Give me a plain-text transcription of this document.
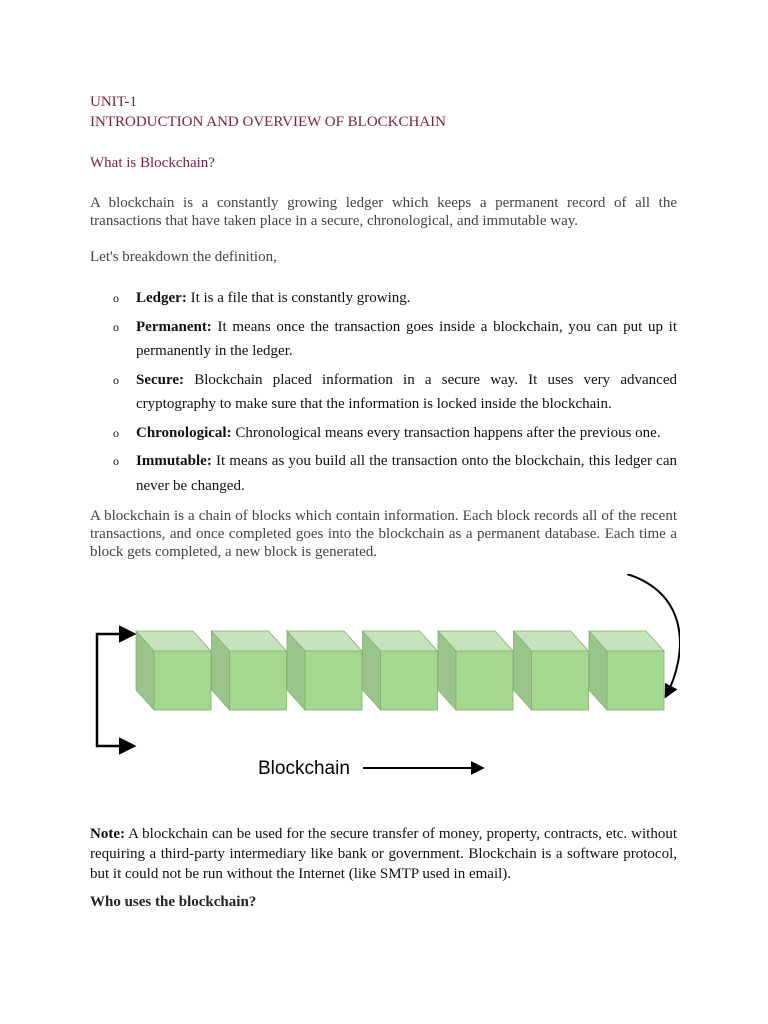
UNIT-1
INTRODUCTION AND OVERVIEW OF BLOCKCHAIN
What is Blockchain?

A blockchain is a constantly growing ledger which keeps a permanent record of all the transactions that have taken place in a secure, chronological, and immutable way.

Let's breakdown the definition,

o Ledger: It is a file that is constantly growing.
o Permanent: It means once the transaction goes inside a blockchain, you can put up it permanently in the ledger.
o Secure: Blockchain placed information in a secure way. It uses very advanced cryptography to make sure that the information is locked inside the blockchain.
o Chronological: Chronological means every transaction happens after the previous one.
o Immutable: It means as you build all the transaction onto the blockchain, this ledger can never be changed.

A blockchain is a chain of blocks which contain information. Each block records all of the recent transactions, and once completed goes into the blockchain as a permanent database. Each time a block gets completed, a new block is generated.

Blockchain
Note: A blockchain can be used for the secure transfer of money, property, contracts, etc. without requiring a third-party intermediary like bank or government. Blockchain is a software protocol, but it could not be run without the Internet (like SMTP used in email).
Who uses the blockchain?
